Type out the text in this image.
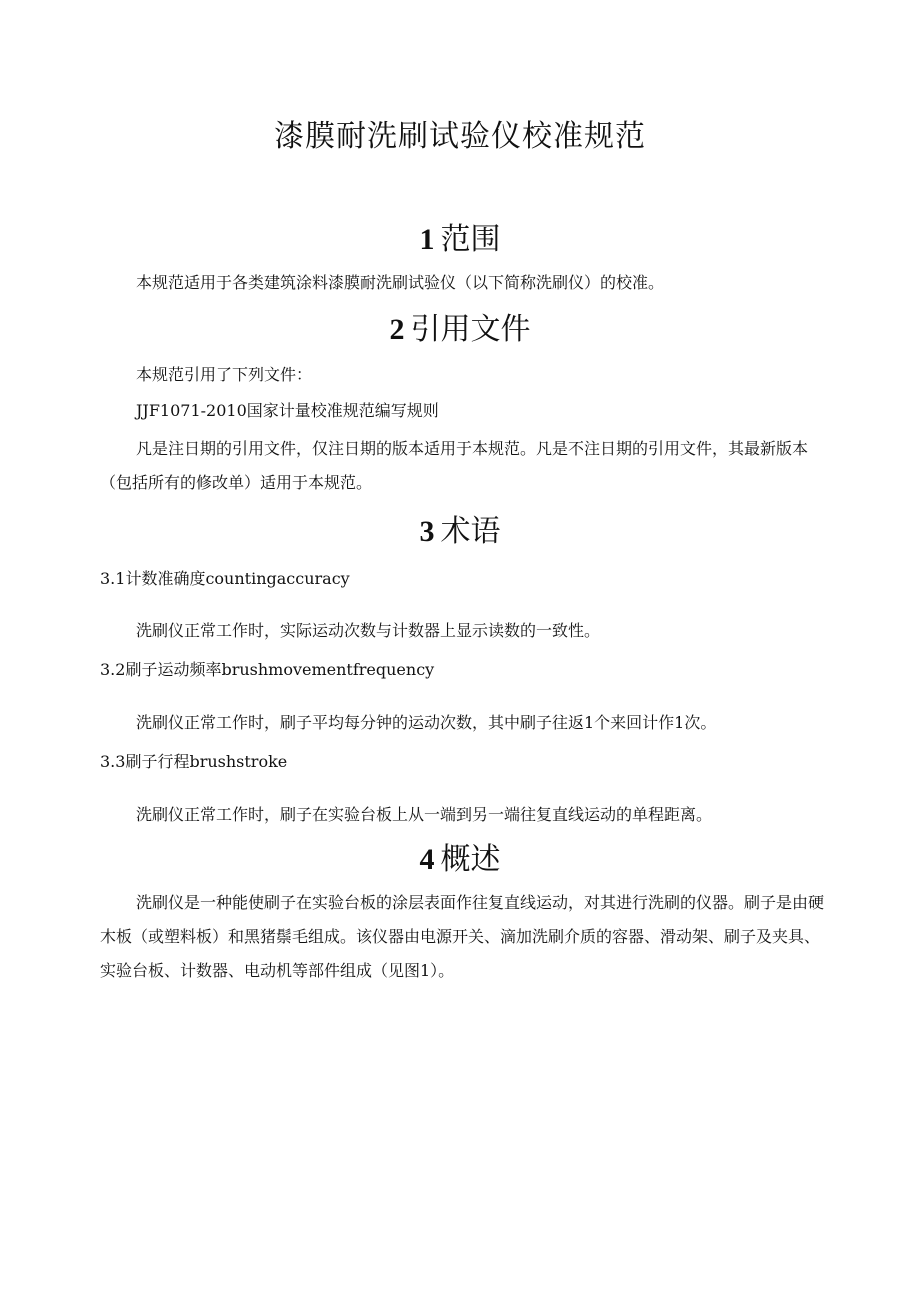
漆膜耐洗刷试验仪校准规范
1 范围
本规范适用于各类建筑涂料漆膜耐洗刷试验仪（以下简称洗刷仪）的校准。
2 引用文件
本规范引用了下列文件：
JJF1071-2010国家计量校准规范编写规则
凡是注日期的引用文件，仅注日期的版本适用于本规范。凡是不注日期的引用文件，其最新版本（包括所有的修改单）适用于本规范。
3 术语
3.1计数准确度countingaccuracy
洗刷仪正常工作时，实际运动次数与计数器上显示读数的一致性。
3.2刷子运动频率brushmovementfrequency
洗刷仪正常工作时，刷子平均每分钟的运动次数，其中刷子往返1个来回计作1次。
3.3刷子行程brushstroke
洗刷仪正常工作时，刷子在实验台板上从一端到另一端往复直线运动的单程距离。
4 概述
洗刷仪是一种能使刷子在实验台板的涂层表面作往复直线运动，对其进行洗刷的仪器。刷子是由硬木板（或塑料板）和黑猪鬃毛组成。该仪器由电源开关、滴加洗刷介质的容器、滑动架、刷子及夹具、实验台板、计数器、电动机等部件组成（见图1）。
